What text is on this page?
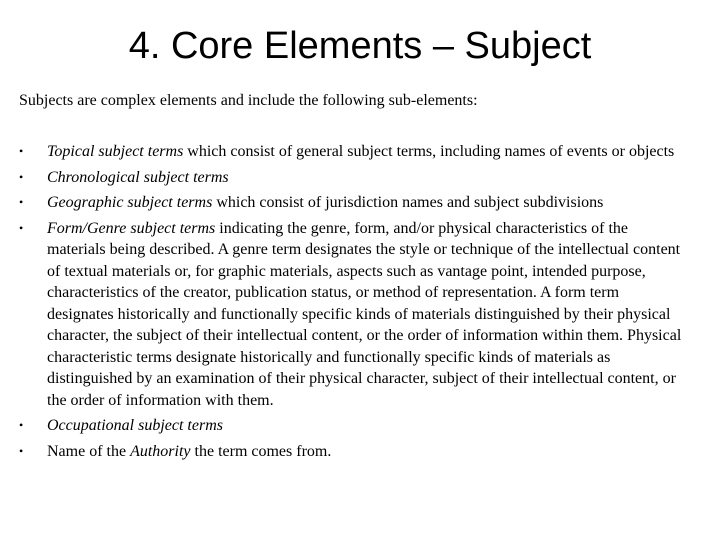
4. Core Elements – Subject

Subjects are complex elements and include the following sub-elements:

• Topical subject terms which consist of general subject terms, including names of events or objects
• Chronological subject terms
• Geographic subject terms which consist of jurisdiction names and subject subdivisions
• Form/Genre subject terms indicating the genre, form, and/or physical characteristics of the materials being described. A genre term designates the style or technique of the intellectual content of textual materials or, for graphic materials, aspects such as vantage point, intended purpose, characteristics of the creator, publication status, or method of representation. A form term designates historically and functionally specific kinds of materials distinguished by their physical character, the subject of their intellectual content, or the order of information within them. Physical characteristic terms designate historically and functionally specific kinds of materials as distinguished by an examination of their physical character, subject of their intellectual content, or the order of information with them.
• Occupational subject terms
• Name of the Authority the term comes from.
